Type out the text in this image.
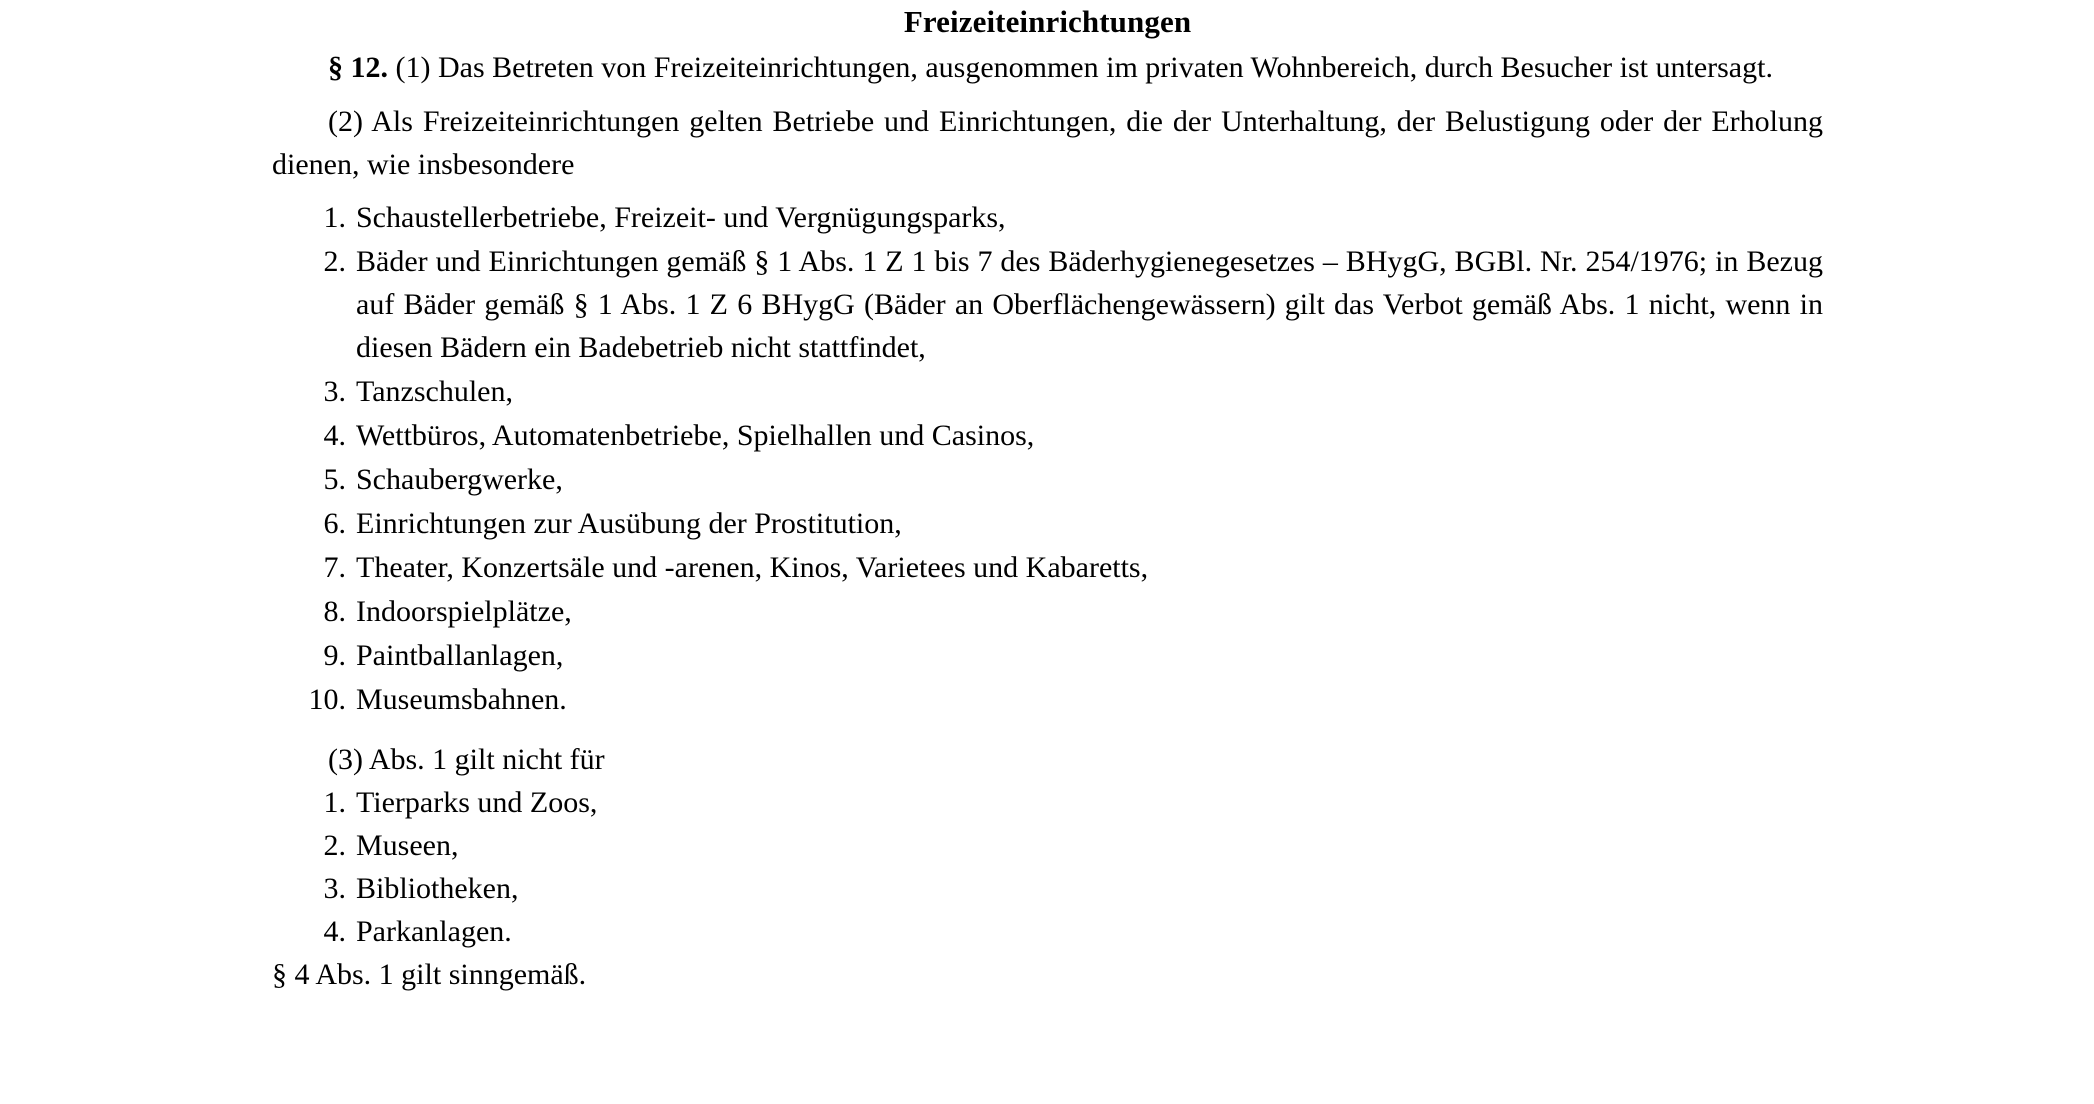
Freizeiteinrichtungen

§ 12. (1) Das Betreten von Freizeiteinrichtungen, ausgenommen im privaten Wohnbereich, durch Besucher ist untersagt.

(2) Als Freizeiteinrichtungen gelten Betriebe und Einrichtungen, die der Unterhaltung, der Belustigung oder der Erholung dienen, wie insbesondere

1. Schaustellerbetriebe, Freizeit- und Vergnügungsparks,
2. Bäder und Einrichtungen gemäß § 1 Abs. 1 Z 1 bis 7 des Bäderhygienegesetzes – BHygG, BGBl. Nr. 254/1976; in Bezug auf Bäder gemäß § 1 Abs. 1 Z 6 BHygG (Bäder an Oberflächengewässern) gilt das Verbot gemäß Abs. 1 nicht, wenn in diesen Bädern ein Badebetrieb nicht stattfindet,
3. Tanzschulen,
4. Wettbüros, Automatenbetriebe, Spielhallen und Casinos,
5. Schaubergwerke,
6. Einrichtungen zur Ausübung der Prostitution,
7. Theater, Konzertsäle und -arenen, Kinos, Varietees und Kabaretts,
8. Indoorspielplätze,
9. Paintballanlagen,
10. Museumsbahnen.

(3) Abs. 1 gilt nicht für

1. Tierparks und Zoos,
2. Museen,
3. Bibliotheken,
4. Parkanlagen.

§ 4 Abs. 1 gilt sinngemäß.
